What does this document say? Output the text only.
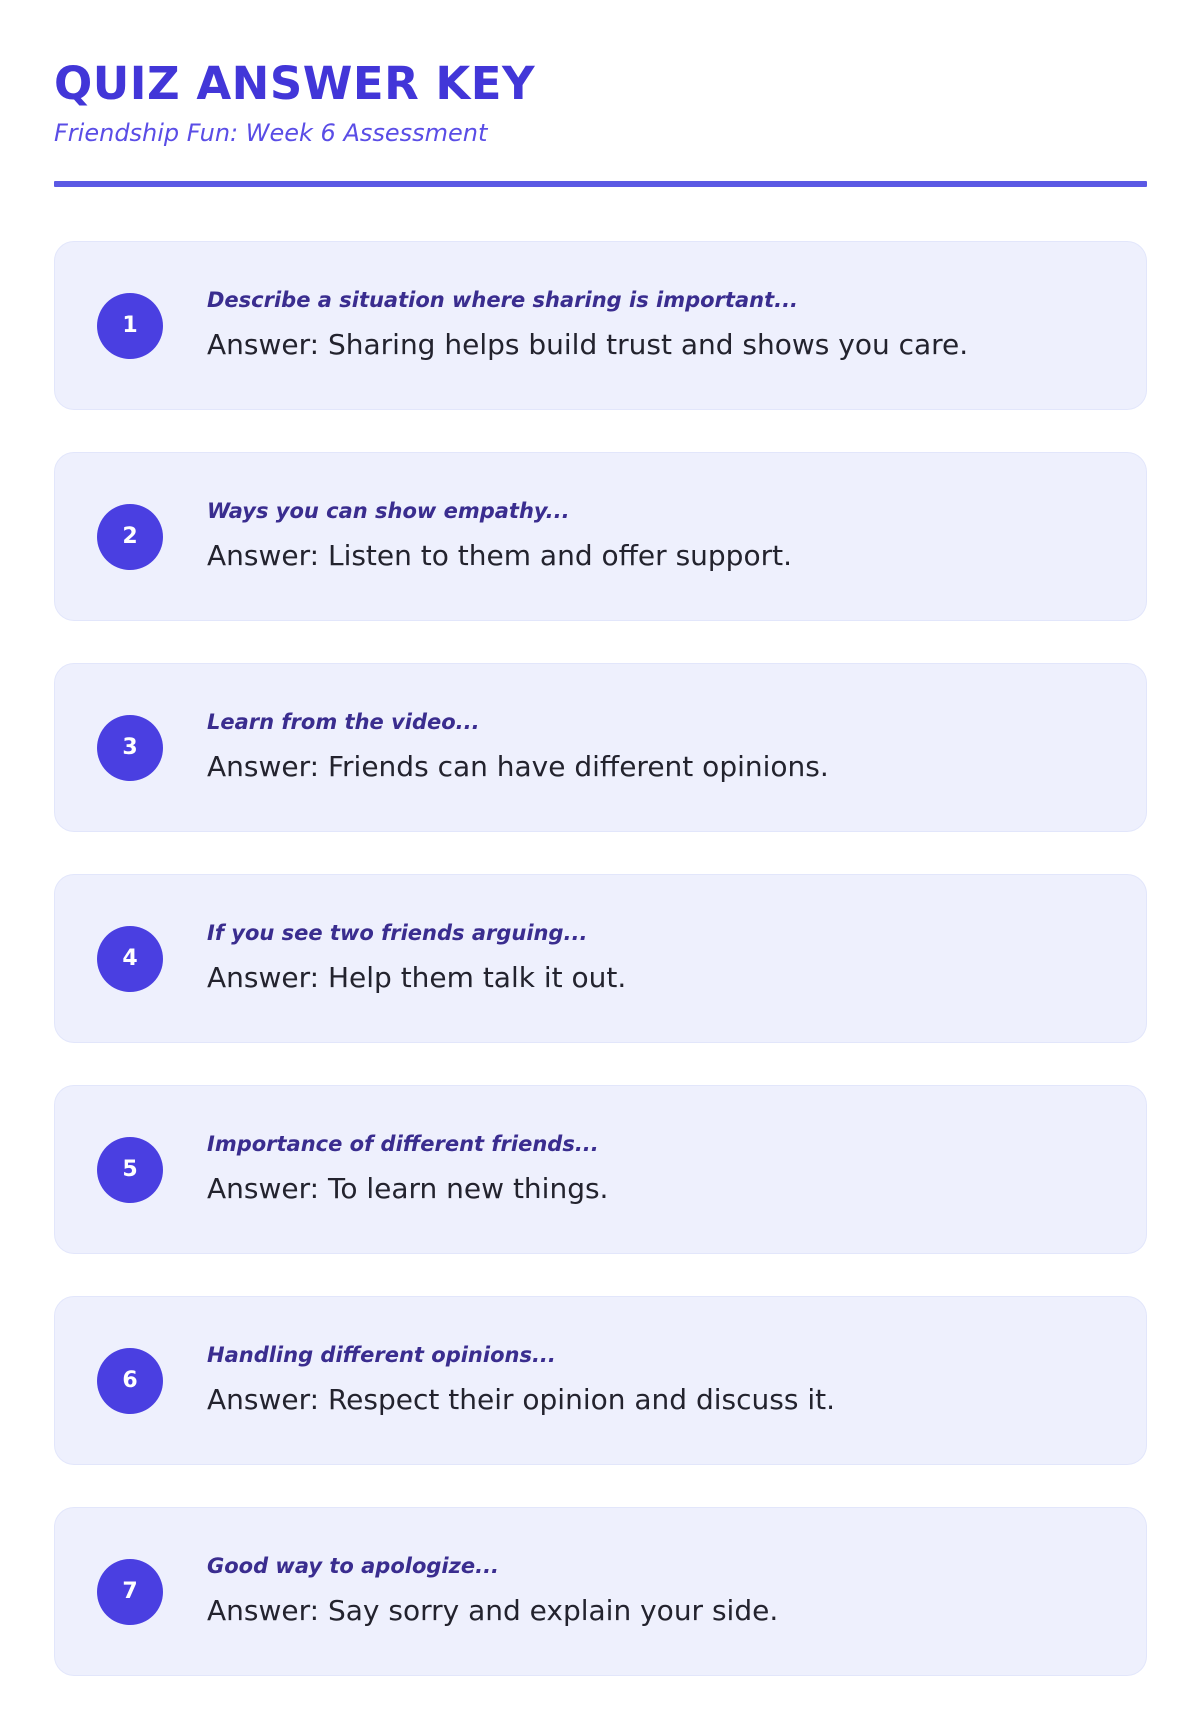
QUIZ ANSWER KEY

Friendship Fun: Week 6 Assessment

1
Describe a situation where sharing is important...
Answer: Sharing helps build trust and shows you care.
2
Ways you can show empathy...
Answer: Listen to them and offer support.
3
Learn from the video...
Answer: Friends can have different opinions.
4
If you see two friends arguing...
Answer: Help them talk it out.
5
Importance of different friends...
Answer: To learn new things.
6
Handling different opinions...
Answer: Respect their opinion and discuss it.
7
Good way to apologize...
Answer: Say sorry and explain your side.
